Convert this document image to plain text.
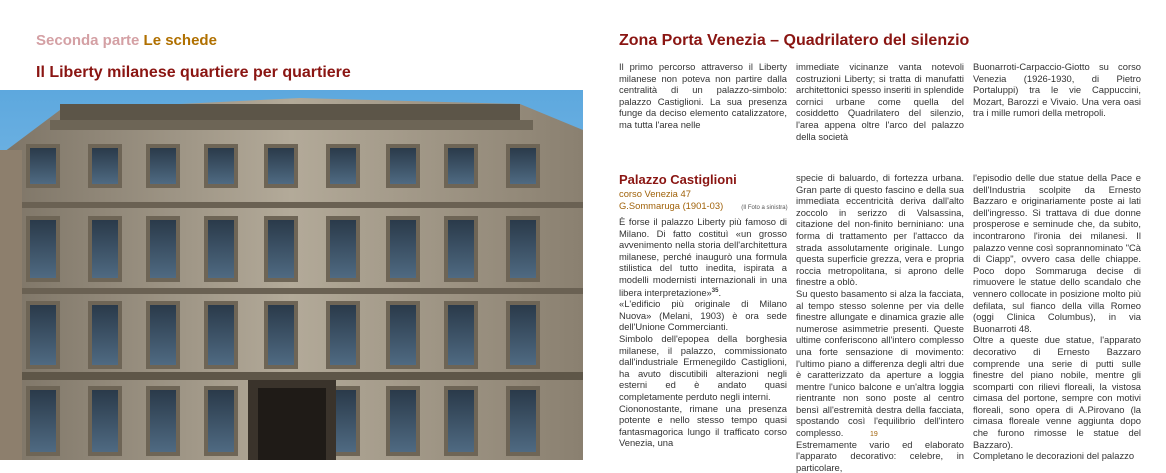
Seconda parte Le schede
Il Liberty milanese quartiere per quartiere
Zona Porta Venezia – Quadrilatero del silenzio

Il primo percorso attraverso il Liberty milanese non poteva non partire dalla centralità di un palazzo-simbolo: palazzo Castiglioni. La sua presenza funge da deciso elemento catalizzatore, ma tutta l'area nelle

immediate vicinanze vanta notevoli costruzioni Liberty; si tratta di manufatti architettonici spesso inseriti in splendide cornici urbane come quella del cosiddetto Quadrilatero del silenzio, l'area appena oltre l'arco del palazzo della società

Buonarroti-Carpaccio-Giotto su corso Venezia (1926-1930, di Pietro Portaluppi) tra le vie Cappuccini, Mozart, Barozzi e Vivaio. Una vera oasi tra i mille rumori della metropoli.

Palazzo Castiglioni
corso Venezia 47
G.Sommaruga (1901-03)	(Il Foto a sinistra)

È forse il palazzo Liberty più famoso di Milano. Di fatto costituì «un grosso avvenimento nella storia dell'architettura milanese, perché inaugurò una formula stilistica del tutto inedita, ispirata a modelli modernisti internazionali in una libera interpretazione»$^{35}$.

«L'edificio più originale di Milano Nuova» (Melani, 1903) è ora sede dell'Unione Commercianti.

Simbolo dell'epopea della borghesia milanese, il palazzo, commissionato dall'industriale Ermenegildo Castiglioni, ha avuto discutibili alterazioni negli esterni ed è andato quasi completamente perduto negli interni.

Ciononostante, rimane una presenza potente e nello stesso tempo quasi fantasmagorica lungo il trafficato corso Venezia, una

specie di baluardo, di fortezza urbana. Gran parte di questo fascino e della sua immediata eccentricità deriva dall'alto zoccolo in serizzo di Valsassina, citazione del non-finito berniniano: una forma di trattamento per l'attacco da strada assolutamente originale. Lungo questa superficie grezza, vera e propria roccia metropolitana, si aprono delle finestre a oblò.

Su questo basamento si alza la facciata, al tempo stesso solenne per via delle finestre allungate e dinamica grazie alle numerose asimmetrie presenti. Queste ultime conferiscono all'intero complesso una forte sensazione di movimento: l'ultimo piano a differenza degli altri due è caratterizzato da aperture a loggia mentre l'unico balcone e un'altra loggia rientrante non sono poste al centro bensì all'estremità destra della facciata, spostando così l'equilibrio dell'intero complesso.

Estremamente vario ed elaborato l'apparato decorativo: celebre, in particolare,

l'episodio delle due statue della Pace e dell'Industria scolpite da Ernesto Bazzaro e originariamente poste ai lati dell'ingresso. Si trattava di due donne prosperose e seminude che, da subito, incontrarono l'ironia dei milanesi. Il palazzo venne così soprannominato "Cà di Ciapp", ovvero casa delle chiappe. Poco dopo Sommaruga decise di rimuovere le statue dello scandalo che vennero collocate in posizione molto più defilata, sul fianco della villa Romeo (oggi Clinica Columbus), in via Buonarroti 48.

Oltre a queste due statue, l'apparato decorativo di Ernesto Bazzaro comprende una serie di putti sulle finestre del piano nobile, mentre gli scomparti con rilievi floreali, la vistosa cimasa del portone, sempre con motivi floreali, sono opera di A.Pirovano (la cimasa floreale venne aggiunta dopo che furono rimosse le statue del Bazzaro).

Completano le decorazioni del palazzo

19
